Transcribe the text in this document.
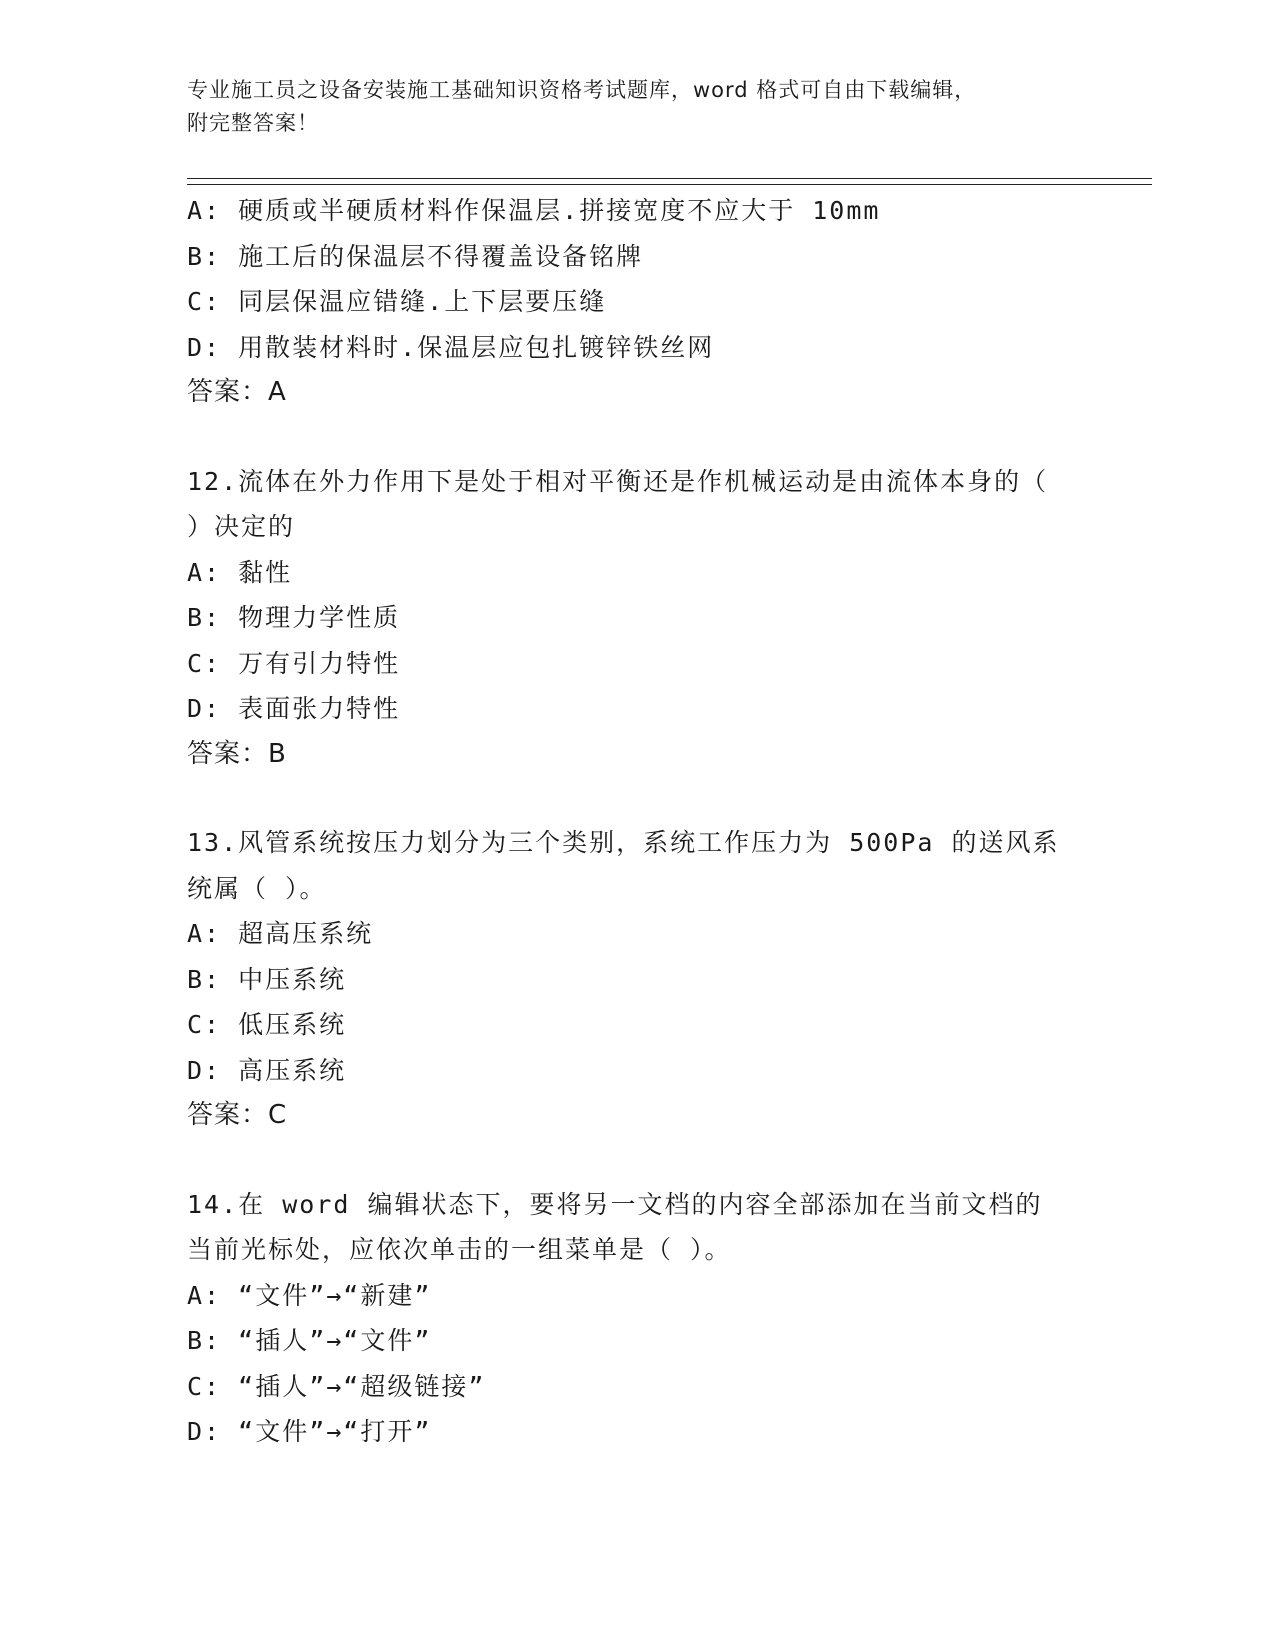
专业施工员之设备安装施工基础知识资格考试题库，word 格式可自由下载编辑，
附完整答案！
A: 硬质或半硬质材料作保温层.拼接宽度不应大于 10mm
B: 施工后的保温层不得覆盖设备铭牌
C: 同层保温应错缝.上下层要压缝
D: 用散装材料时.保温层应包扎镀锌铁丝网
答案：A
12.流体在外力作用下是处于相对平衡还是作机械运动是由流体本身的（ ）决定的
A: 黏性
B: 物理力学性质
C: 万有引力特性
D: 表面张力特性
答案：B
13.风管系统按压力划分为三个类别，系统工作压力为 500Pa 的送风系统属（ ）。
A: 超高压系统
B: 中压系统
C: 低压系统
D: 高压系统
答案：C
14.在 word 编辑状态下，要将另一文档的内容全部添加在当前文档的当前光标处，应依次单击的一组菜单是（ ）。
A: “文件”→“新建”
B: “插人”→“文件”
C: “插人”→“超级链接”
D: “文件”→“打开”
